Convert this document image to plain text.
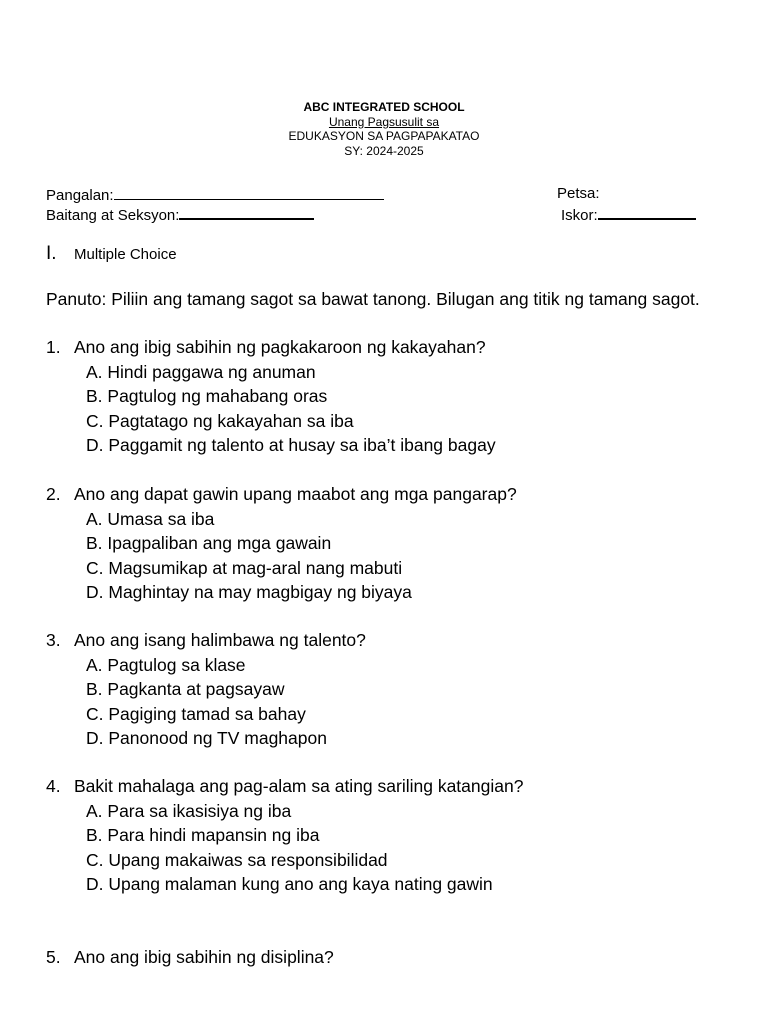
ABC INTEGRATED SCHOOL
Unang Pagsusulit sa
EDUKASYON SA PAGPAPAKATAO
SY: 2024-2025
Pangalan:	Petsa:
Baitang at Seksyon:	Iskor:
I. Multiple Choice
Panuto: Piliin ang tamang sagot sa bawat tanong. Bilugan ang titik ng tamang sagot.
1. Ano ang ibig sabihin ng pagkakaroon ng kakayahan?
A. Hindi paggawa ng anuman
B. Pagtulog ng mahabang oras
C. Pagtatago ng kakayahan sa iba
D. Paggamit ng talento at husay sa iba’t ibang bagay
2. Ano ang dapat gawin upang maabot ang mga pangarap?
A. Umasa sa iba
B. Ipagpaliban ang mga gawain
C. Magsumikap at mag-aral nang mabuti
D. Maghintay na may magbigay ng biyaya
3. Ano ang isang halimbawa ng talento?
A. Pagtulog sa klase
B. Pagkanta at pagsayaw
C. Pagiging tamad sa bahay
D. Panonood ng TV maghapon
4. Bakit mahalaga ang pag-alam sa ating sariling katangian?
A. Para sa ikasisiya ng iba
B. Para hindi mapansin ng iba
C. Upang makaiwas sa responsibilidad
D. Upang malaman kung ano ang kaya nating gawin
5. Ano ang ibig sabihin ng disiplina?
